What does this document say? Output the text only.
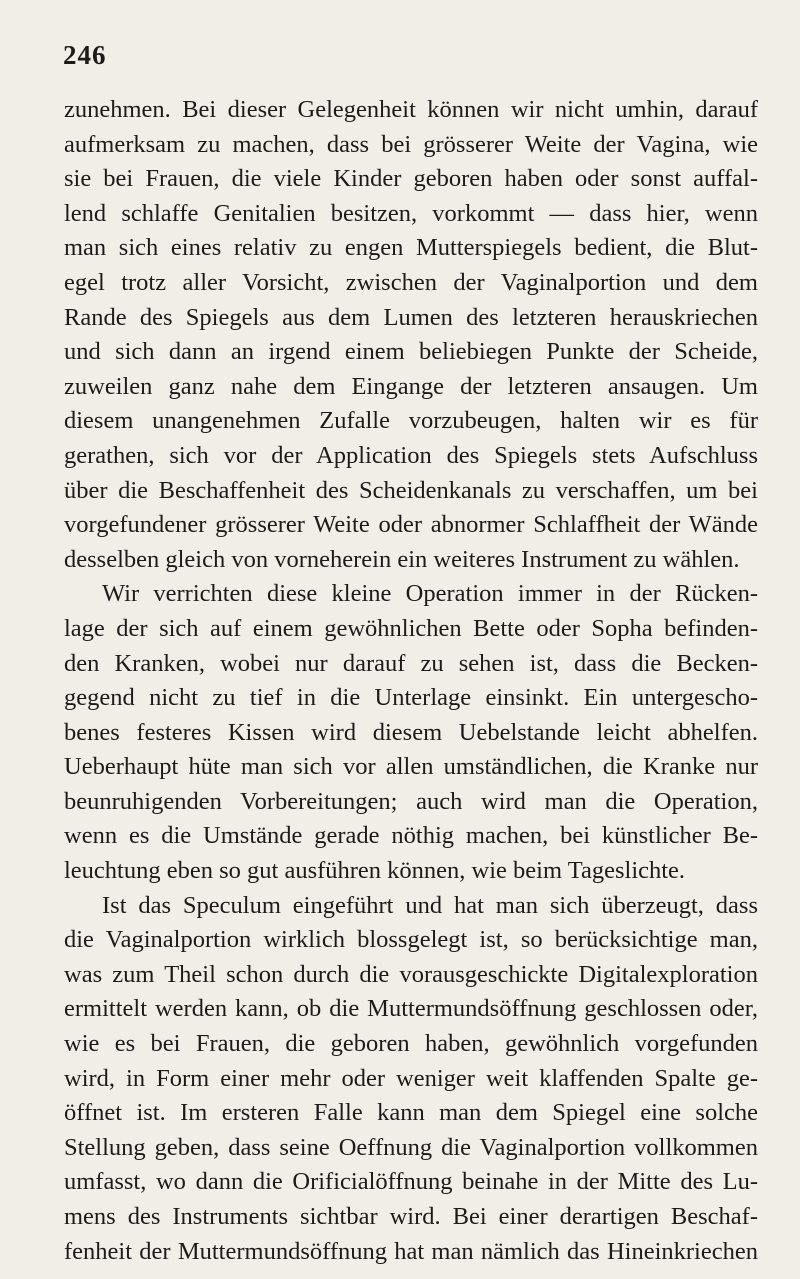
246
zunehmen. Bei dieser Gelegenheit können wir nicht umhin, darauf
aufmerksam zu machen, dass bei grösserer Weite der Vagina, wie
sie bei Frauen, die viele Kinder geboren haben oder sonst auffal-
lend schlaffe Genitalien besitzen, vorkommt — dass hier, wenn
man sich eines relativ zu engen Mutterspiegels bedient, die Blut-
egel trotz aller Vorsicht, zwischen der Vaginalportion und dem
Rande des Spiegels aus dem Lumen des letzteren herauskriechen
und sich dann an irgend einem beliebiegen Punkte der Scheide,
zuweilen ganz nahe dem Eingange der letzteren ansaugen. Um
diesem unangenehmen Zufalle vorzubeugen, halten wir es für
gerathen, sich vor der Application des Spiegels stets Aufschluss
über die Beschaffenheit des Scheidenkanals zu verschaffen, um bei
vorgefundener grösserer Weite oder abnormer Schlaffheit der Wände
desselben gleich von vorneherein ein weiteres Instrument zu wählen.
Wir verrichten diese kleine Operation immer in der Rücken-
lage der sich auf einem gewöhnlichen Bette oder Sopha befinden-
den Kranken, wobei nur darauf zu sehen ist, dass die Becken-
gegend nicht zu tief in die Unterlage einsinkt. Ein untergescho-
benes festeres Kissen wird diesem Uebelstande leicht abhelfen.
Ueberhaupt hüte man sich vor allen umständlichen, die Kranke nur
beunruhigenden Vorbereitungen; auch wird man die Operation,
wenn es die Umstände gerade nöthig machen, bei künstlicher Be-
leuchtung eben so gut ausführen können, wie beim Tageslichte.
Ist das Speculum eingeführt und hat man sich überzeugt, dass
die Vaginalportion wirklich blossgelegt ist, so berücksichtige man,
was zum Theil schon durch die vorausgeschickte Digitalexploration
ermittelt werden kann, ob die Muttermundsöffnung geschlossen oder,
wie es bei Frauen, die geboren haben, gewöhnlich vorgefunden
wird, in Form einer mehr oder weniger weit klaffenden Spalte ge-
öffnet ist. Im ersteren Falle kann man dem Spiegel eine solche
Stellung geben, dass seine Oeffnung die Vaginalportion vollkommen
umfasst, wo dann die Orificialöffnung beinahe in der Mitte des Lu-
mens des Instruments sichtbar wird. Bei einer derartigen Beschaf-
fenheit der Muttermundsöffnung hat man nämlich das Hineinkriechen
